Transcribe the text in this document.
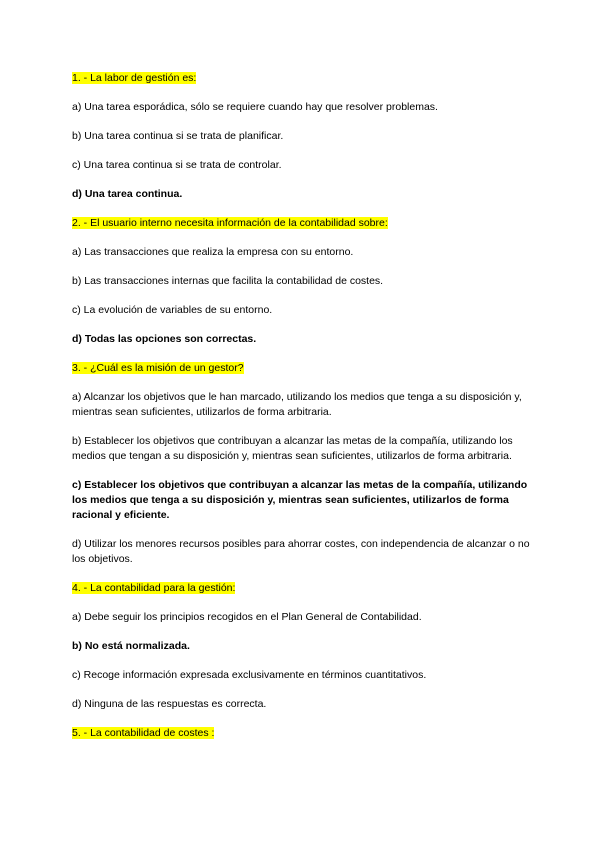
1. - La labor de gestión es:

a) Una tarea esporádica, sólo se requiere cuando hay que resolver problemas.

b) Una tarea continua si se trata de planificar.

c) Una tarea continua si se trata de controlar.

d) Una tarea continua.

2. - El usuario interno necesita información de la contabilidad sobre:

a) Las transacciones que realiza la empresa con su entorno.

b) Las transacciones internas que facilita la contabilidad de costes.

c) La evolución de variables de su entorno.

d) Todas las opciones son correctas.

3. - ¿Cuál es la misión de un gestor?

a) Alcanzar los objetivos que le han marcado, utilizando los medios que tenga a su disposición y, mientras sean suficientes, utilizarlos de forma arbitraria.

b) Establecer los objetivos que contribuyan a alcanzar las metas de la compañía, utilizando los medios que tengan a su disposición y, mientras sean suficientes, utilizarlos de forma arbitraria.

c) Establecer los objetivos que contribuyan a alcanzar las metas de la compañía, utilizando los medios que tenga a su disposición y, mientras sean suficientes, utilizarlos de forma racional y eficiente.

d) Utilizar los menores recursos posibles para ahorrar costes, con independencia de alcanzar o no los objetivos.

4. - La contabilidad para la gestión:

a) Debe seguir los principios recogidos en el Plan General de Contabilidad.

b) No está normalizada.

c) Recoge información expresada exclusivamente en términos cuantitativos.

d) Ninguna de las respuestas es correcta.

5. - La contabilidad de costes :
